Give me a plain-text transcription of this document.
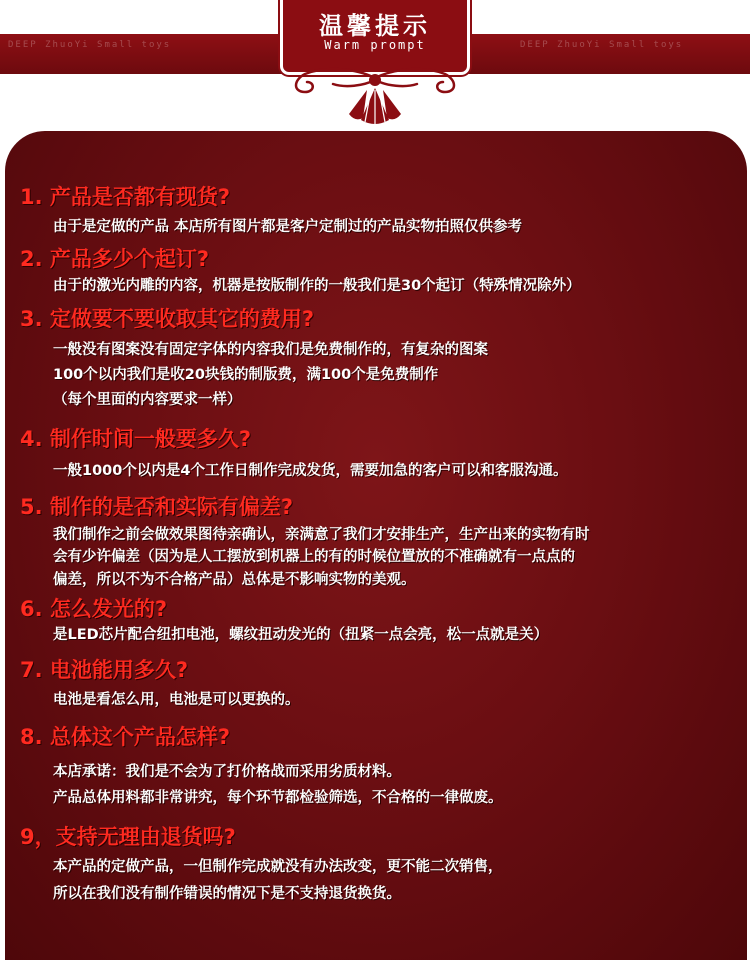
DEEP ZhuoYi Small toys	DEEP ZhuoYi Small toys
温馨提示
Warm prompt
1. 产品是否都有现货?
由于是定做的产品 本店所有图片都是客户定制过的产品实物拍照仅供参考
2. 产品多少个起订?
由于的激光内雕的内容，机器是按版制作的一般我们是30个起订（特殊情况除外）
3. 定做要不要收取其它的费用?
一般没有图案没有固定字体的内容我们是免费制作的，有复杂的图案
100个以内我们是收20块钱的制版费，满100个是免费制作
（每个里面的内容要求一样）
4. 制作时间一般要多久?
一般1000个以内是4个工作日制作完成发货，需要加急的客户可以和客服沟通。
5. 制作的是否和实际有偏差?
我们制作之前会做效果图待亲确认，亲满意了我们才安排生产，生产出来的实物有时
会有少许偏差（因为是人工摆放到机器上的有的时候位置放的不准确就有一点点的
偏差，所以不为不合格产品）总体是不影响实物的美观。
6. 怎么发光的?
是LED芯片配合纽扣电池，螺纹扭动发光的（扭紧一点会亮，松一点就是关）
7. 电池能用多久?
电池是看怎么用，电池是可以更换的。
8. 总体这个产品怎样?
本店承诺：我们是不会为了打价格战而采用劣质材料。
产品总体用料都非常讲究，每个环节都检验筛选，不合格的一律做废。
9，支持无理由退货吗?
本产品的定做产品，一但制作完成就没有办法改变，更不能二次销售，
所以在我们没有制作错误的情况下是不支持退货换货。
